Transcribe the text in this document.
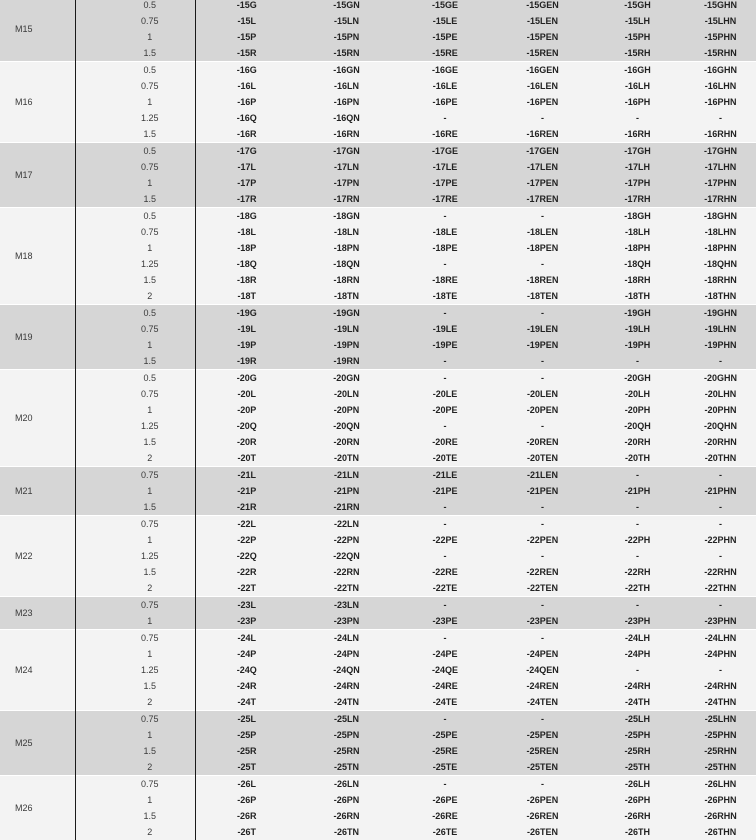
M15		0.5	-15G	-15GN	-15GE	-15GEN	-15GH	-15GHN	
		0.75	-15L	-15LN	-15LE	-15LEN	-15LH	-15LHN	
		1	-15P	-15PN	-15PE	-15PEN	-15PH	-15PHN	
		1.5	-15R	-15RN	-15RE	-15REN	-15RH	-15RHN	
M16		0.5	-16G	-16GN	-16GE	-16GEN	-16GH	-16GHN	
		0.75	-16L	-16LN	-16LE	-16LEN	-16LH	-16LHN	
		1	-16P	-16PN	-16PE	-16PEN	-16PH	-16PHN	
		1.25	-16Q	-16QN	-	-	-	-	
		1.5	-16R	-16RN	-16RE	-16REN	-16RH	-16RHN	
M17		0.5	-17G	-17GN	-17GE	-17GEN	-17GH	-17GHN	
		0.75	-17L	-17LN	-17LE	-17LEN	-17LH	-17LHN	
		1	-17P	-17PN	-17PE	-17PEN	-17PH	-17PHN	
		1.5	-17R	-17RN	-17RE	-17REN	-17RH	-17RHN	
M18		0.5	-18G	-18GN	-	-	-18GH	-18GHN	
		0.75	-18L	-18LN	-18LE	-18LEN	-18LH	-18LHN	
		1	-18P	-18PN	-18PE	-18PEN	-18PH	-18PHN	
		1.25	-18Q	-18QN	-	-	-18QH	-18QHN	
		1.5	-18R	-18RN	-18RE	-18REN	-18RH	-18RHN	
		2	-18T	-18TN	-18TE	-18TEN	-18TH	-18THN	
M19		0.5	-19G	-19GN	-	-	-19GH	-19GHN	
		0.75	-19L	-19LN	-19LE	-19LEN	-19LH	-19LHN	
		1	-19P	-19PN	-19PE	-19PEN	-19PH	-19PHN	
		1.5	-19R	-19RN	-	-	-	-	
M20		0.5	-20G	-20GN	-	-	-20GH	-20GHN	
		0.75	-20L	-20LN	-20LE	-20LEN	-20LH	-20LHN	
		1	-20P	-20PN	-20PE	-20PEN	-20PH	-20PHN	
		1.25	-20Q	-20QN	-	-	-20QH	-20QHN	
		1.5	-20R	-20RN	-20RE	-20REN	-20RH	-20RHN	
		2	-20T	-20TN	-20TE	-20TEN	-20TH	-20THN	
M21		0.75	-21L	-21LN	-21LE	-21LEN	-	-	
		1	-21P	-21PN	-21PE	-21PEN	-21PH	-21PHN	
		1.5	-21R	-21RN	-	-	-	-	
M22		0.75	-22L	-22LN	-	-	-	-	
		1	-22P	-22PN	-22PE	-22PEN	-22PH	-22PHN	
		1.25	-22Q	-22QN	-	-	-	-	
		1.5	-22R	-22RN	-22RE	-22REN	-22RH	-22RHN	
		2	-22T	-22TN	-22TE	-22TEN	-22TH	-22THN	
M23		0.75	-23L	-23LN	-	-	-	-	
		1	-23P	-23PN	-23PE	-23PEN	-23PH	-23PHN	
M24		0.75	-24L	-24LN	-	-	-24LH	-24LHN	
		1	-24P	-24PN	-24PE	-24PEN	-24PH	-24PHN	
		1.25	-24Q	-24QN	-24QE	-24QEN	-	-	
		1.5	-24R	-24RN	-24RE	-24REN	-24RH	-24RHN	
		2	-24T	-24TN	-24TE	-24TEN	-24TH	-24THN	
M25		0.75	-25L	-25LN	-	-	-25LH	-25LHN	
		1	-25P	-25PN	-25PE	-25PEN	-25PH	-25PHN	
		1.5	-25R	-25RN	-25RE	-25REN	-25RH	-25RHN	
		2	-25T	-25TN	-25TE	-25TEN	-25TH	-25THN	
M26		0.75	-26L	-26LN	-	-	-26LH	-26LHN	
		1	-26P	-26PN	-26PE	-26PEN	-26PH	-26PHN	
		1.5	-26R	-26RN	-26RE	-26REN	-26RH	-26RHN	
		2	-26T	-26TN	-26TE	-26TEN	-26TH	-26THN	
